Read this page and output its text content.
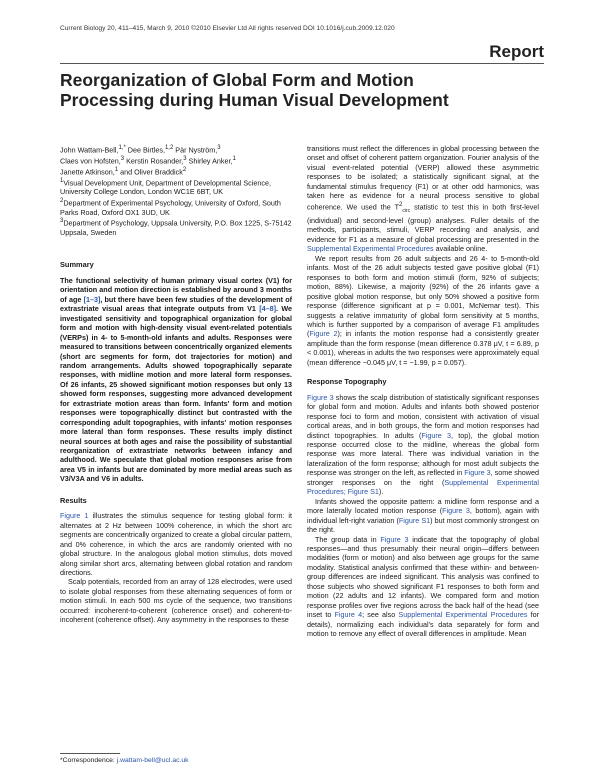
Current Biology 20, 411–415, March 9, 2010 ©2010 Elsevier Ltd All rights reserved DOI 10.1016/j.cub.2009.12.020
Report
Reorganization of Global Form and Motion Processing during Human Visual Development

John Wattam-Bell,$^{1,*}$ Dee Birtles,$^{1,2}$ Pär Nyström,$^3$
Claes von Hofsten,$^3$ Kerstin Rosander,$^3$ Shirley Anker,$^1$
Janette Atkinson,$^1$ and Oliver Braddick$^2$

$^1$Visual Development Unit, Department of Developmental Science, University College London, London WC1E 6BT, UK

$^2$Department of Experimental Psychology, University of Oxford, South Parks Road, Oxford OX1 3UD, UK

$^3$Department of Psychology, Uppsala University, P.O. Box 1225, S-75142 Uppsala, Sweden

Summary

The functional selectivity of human primary visual cortex (V1) for orientation and motion direction is established by around 3 months of age [1–3], but there have been few studies of the development of extrastriate visual areas that integrate outputs from V1 [4–8]. We investigated sensitivity and topographical organization for global form and motion with high-density visual event-related potentials (VERPs) in 4- to 5-month-old infants and adults. Responses were measured to transitions between concentrically organized elements (short arc segments for form, dot trajectories for motion) and random arrangements. Adults showed topographically separate responses, with midline motion and more lateral form responses. Of 26 infants, 25 showed significant motion responses but only 13 showed form responses, suggesting more advanced development for extrastriate motion areas than form. Infants' form and motion responses were topographically distinct but contrasted with the corresponding adult topographies, with infants' motion responses more lateral than form responses. These results imply distinct neural sources at both ages and raise the possibility of substantial reorganization of extrastriate networks between infancy and adulthood. We speculate that global motion responses arise from area V5 in infants but are dominated by more medial areas such as V3/V3A and V6 in adults.

Results

Figure 1 illustrates the stimulus sequence for testing global form: it alternates at 2 Hz between 100% coherence, in which the short arc segments are concentrically organized to create a global circular pattern, and 0% coherence, in which the arcs are randomly oriented with no global structure. In the analogous global motion stimulus, dots moved along similar short arcs, alternating between global rotation and random directions.

Scalp potentials, recorded from an array of 128 electrodes, were used to isolate global responses from these alternating sequences of form or motion stimuli. In each 500 ms cycle of the sequence, two transitions occurred: incoherent-to-coherent (coherence onset) and coherent-to-incoherent (coherence offset). Any asymmetry in the responses to these

transitions must reflect the differences in global processing between the onset and offset of coherent pattern organization. Fourier analysis of the visual event-related potential (VERP) allowed these asymmetric responses to be isolated; a statistically significant signal, at the fundamental stimulus frequency (F1) or at other odd harmonics, was taken here as evidence for a neural process sensitive to global coherence. We used the $T^2_{circ}$ statistic to test this in both first-level (individual) and second-level (group) analyses. Fuller details of the methods, participants, stimuli, VERP recording and analysis, and evidence for F1 as a measure of global processing are presented in the Supplemental Experimental Procedures available online.

We report results from 26 adult subjects and 26 4- to 5-month-old infants. Most of the 26 adult subjects tested gave positive global (F1) responses to both form and motion stimuli (form, 92% of subjects; motion, 88%). Likewise, a majority (92%) of the 26 infants gave a positive global motion response, but only 50% showed a positive form response (difference significant at p = 0.001, McNemar test). This suggests a relative immaturity of global form sensitivity at 5 months, which is further supported by a comparison of average F1 amplitudes (Figure 2); in infants the motion response had a consistently greater amplitude than the form response (mean difference 0.378 μV, t = 6.89, p < 0.001), whereas in adults the two responses were approximately equal (mean difference −0.045 μV, t = −1.99, p = 0.057).

Response Topography

Figure 3 shows the scalp distribution of statistically significant responses for global form and motion. Adults and infants both showed posterior response foci to form and motion, consistent with activation of visual cortical areas, and in both groups, the form and motion responses had distinct topographies. In adults (Figure 3, top), the global motion response occurred close to the midline, whereas the global form response was more lateral. There was individual variation in the lateralization of the form response; although for most adult subjects the response was stronger on the left, as reflected in Figure 3, some showed stronger responses on the right (Supplemental Experimental Procedures; Figure S1).

Infants showed the opposite pattern: a midline form response and a more laterally located motion response (Figure 3, bottom), again with individual left-right variation (Figure S1) but most commonly strongest on the right.

The group data in Figure 3 indicate that the topography of global responses—and thus presumably their neural origin—differs between modalities (form or motion) and also between age groups for the same modality. Statistical analysis confirmed that these within- and between-group differences are indeed significant. This analysis was confined to those subjects who showed significant F1 responses to both form and motion (22 adults and 12 infants). We compared form and motion response profiles over five regions across the back half of the head (see inset to Figure 4; see also Supplemental Experimental Procedures for details), normalizing each individual's data separately for form and motion to remove any effect of overall differences in amplitude. Mean

*Correspondence: j.wattam-bell@ucl.ac.uk
